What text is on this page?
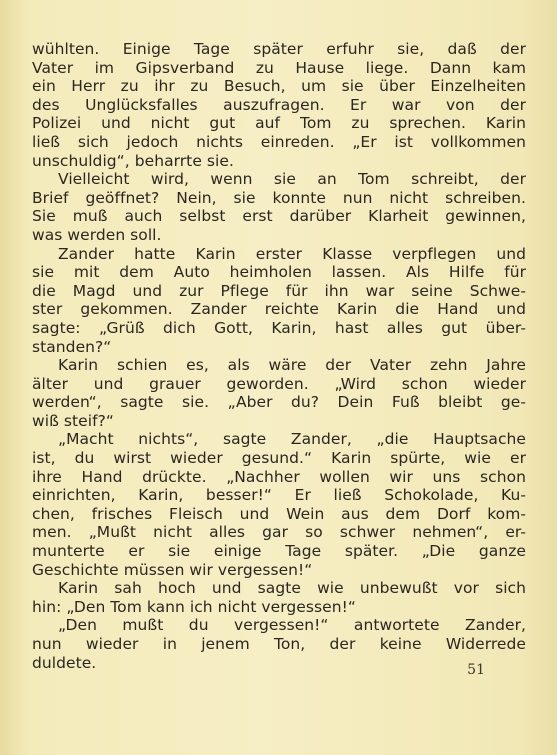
wühlten. Einige Tage später erfuhr sie, daß der
Vater im Gipsverband zu Hause liege. Dann kam
ein Herr zu ihr zu Besuch, um sie über Einzelheiten
des Unglücksfalles auszufragen. Er war von der
Polizei und nicht gut auf Tom zu sprechen. Karin
ließ sich jedoch nichts einreden. „Er ist vollkommen
unschuldig“, beharrte sie.
Vielleicht wird, wenn sie an Tom schreibt, der
Brief geöffnet? Nein, sie konnte nun nicht schreiben.
Sie muß auch selbst erst darüber Klarheit gewinnen,
was werden soll.
Zander hatte Karin erster Klasse verpflegen und
sie mit dem Auto heimholen lassen. Als Hilfe für
die Magd und zur Pflege für ihn war seine Schwe-
ster gekommen. Zander reichte Karin die Hand und
sagte: „Grüß dich Gott, Karin, hast alles gut über-
standen?“
Karin schien es, als wäre der Vater zehn Jahre
älter und grauer geworden. „Wird schon wieder
werden“, sagte sie. „Aber du? Dein Fuß bleibt ge-
wiß steif?“
„Macht nichts“, sagte Zander, „die Hauptsache
ist, du wirst wieder gesund.“ Karin spürte, wie er
ihre Hand drückte. „Nachher wollen wir uns schon
einrichten, Karin, besser!“ Er ließ Schokolade, Ku-
chen, frisches Fleisch und Wein aus dem Dorf kom-
men. „Mußt nicht alles gar so schwer nehmen“, er-
munterte er sie einige Tage später. „Die ganze
Geschichte müssen wir vergessen!“
Karin sah hoch und sagte wie unbewußt vor sich
hin: „Den Tom kann ich nicht vergessen!“
„Den mußt du vergessen!“ antwortete Zander,
nun wieder in jenem Ton, der keine Widerrede
duldete.	51
